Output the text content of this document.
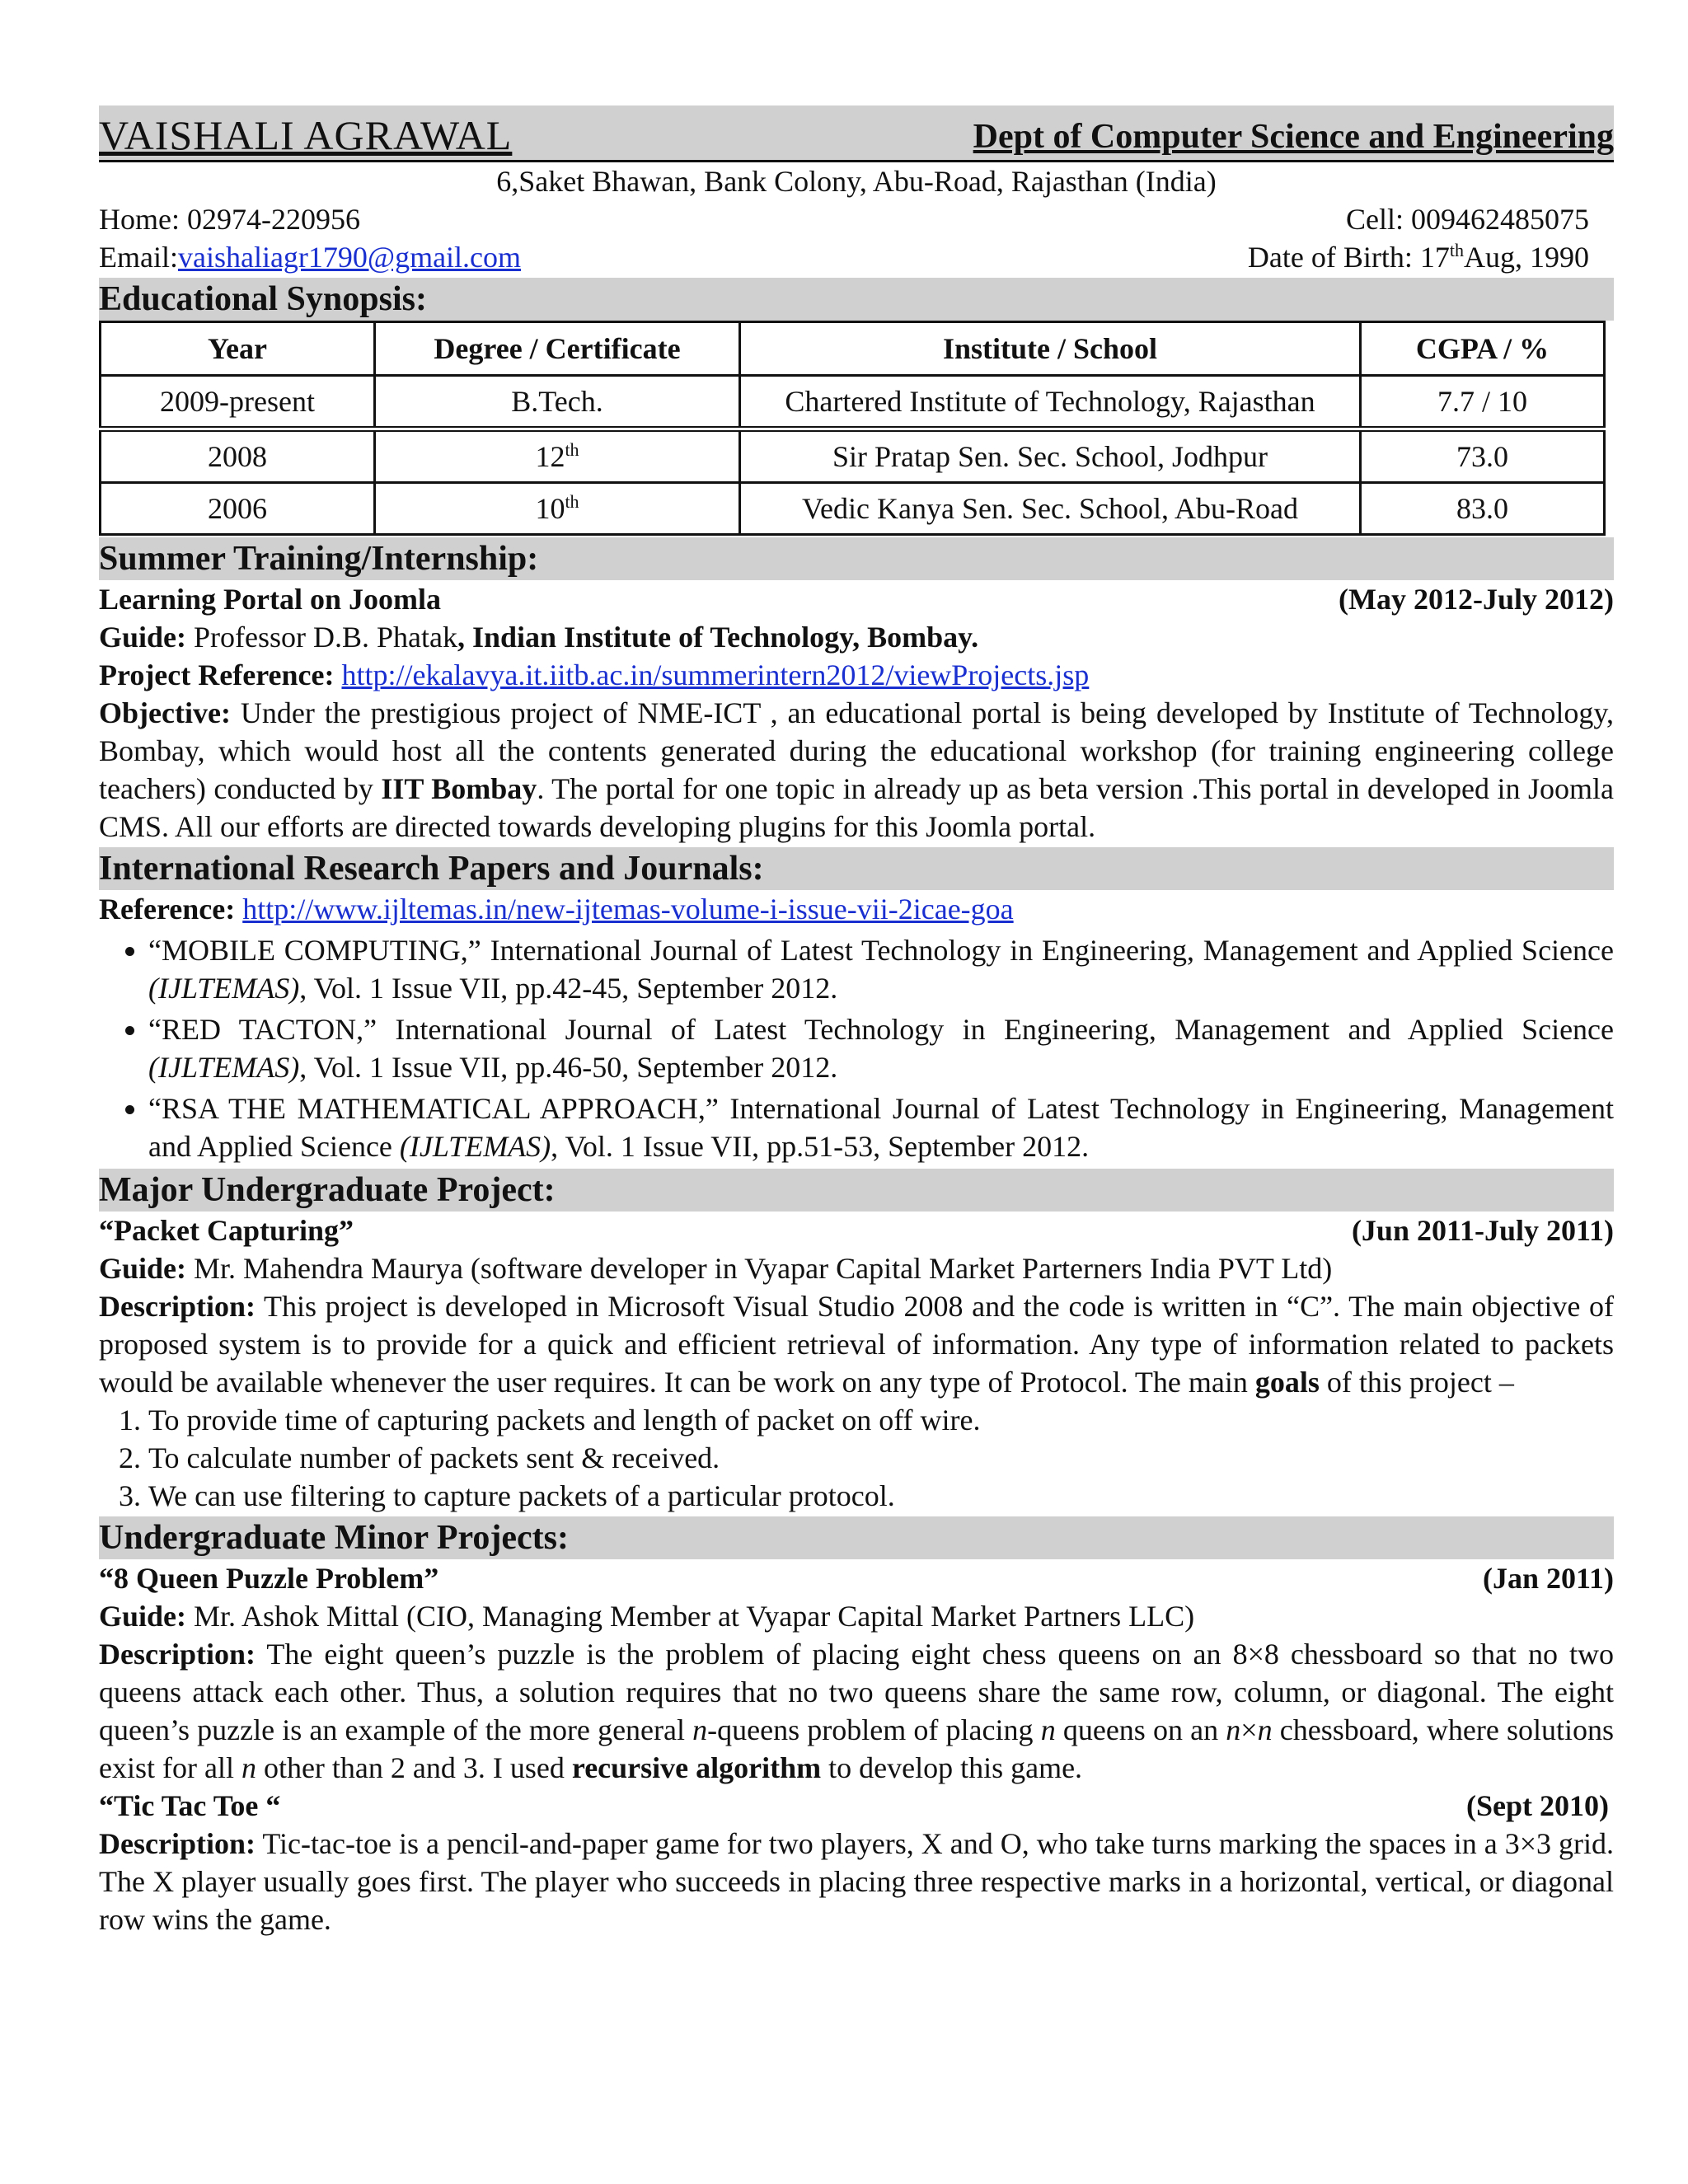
VAISHALI AGRAWAL	Dept of Computer Science and Engineering
6,Saket Bhawan, Bank Colony, Abu-Road, Rajasthan (India)
Home: 02974-220956	Cell: 009462485075
Email:vaishaliagr1790@gmail.com	Date of Birth: 17thAug, 1990
Educational Synopsis:
Year	Degree / Certificate	Institute / School	CGPA / %
2009-present	B.Tech.	Chartered Institute of Technology, Rajasthan	7.7 / 10
2008	12th	Sir Pratap Sen. Sec. School, Jodhpur	73.0
2006	10th	Vedic Kanya Sen. Sec. School, Abu-Road	83.0
Summer Training/Internship:
Learning Portal on Joomla	(May 2012-July 2012)
Guide: Professor D.B. Phatak, Indian Institute of Technology, Bombay.
Project Reference: http://ekalavya.it.iitb.ac.in/summerintern2012/viewProjects.jsp
Objective: Under the prestigious project of NME-ICT , an educational portal is being developed by Institute of Technology, Bombay, which would host all the contents generated during the educational workshop (for training engineering college teachers) conducted by IIT Bombay. The portal for one topic in already up as beta version .This portal in developed in Joomla CMS. All our efforts are directed towards developing plugins for this Joomla portal.
International Research Papers and Journals:
Reference: http://www.ijltemas.in/new-ijtemas-volume-i-issue-vii-2icae-goa
• “MOBILE COMPUTING,” International Journal of Latest Technology in Engineering, Management and Applied Science (IJLTEMAS), Vol. 1 Issue VII, pp.42-45, September 2012.
• “RED TACTON,” International Journal of Latest Technology in Engineering, Management and Applied Science (IJLTEMAS), Vol. 1 Issue VII, pp.46-50, September 2012.
• “RSA THE MATHEMATICAL APPROACH,” International Journal of Latest Technology in Engineering, Management and Applied Science (IJLTEMAS), Vol. 1 Issue VII, pp.51-53, September 2012.
Major Undergraduate Project:
“Packet Capturing”	(Jun 2011-July 2011)
Guide: Mr. Mahendra Maurya (software developer in Vyapar Capital Market Parterners India PVT Ltd)
Description: This project is developed in Microsoft Visual Studio 2008 and the code is written in “C”. The main objective of proposed system is to provide for a quick and efficient retrieval of information. Any type of information related to packets would be available whenever the user requires. It can be work on any type of Protocol. The main goals of this project –
1. To provide time of capturing packets and length of packet on off wire.
2. To calculate number of packets sent & received.
3. We can use filtering to capture packets of a particular protocol.
Undergraduate Minor Projects:
“8 Queen Puzzle Problem”	(Jan 2011)
Guide: Mr. Ashok Mittal (CIO, Managing Member at Vyapar Capital Market Partners LLC)
Description: The eight queen’s puzzle is the problem of placing eight chess queens on an 8×8 chessboard so that no two queens attack each other. Thus, a solution requires that no two queens share the same row, column, or diagonal. The eight queen’s puzzle is an example of the more general n-queens problem of placing n queens on an n×n chessboard, where solutions exist for all n other than 2 and 3. I used recursive algorithm to develop this game.
“Tic Tac Toe “	(Sept 2010)
Description: Tic-tac-toe is a pencil-and-paper game for two players, X and O, who take turns marking the spaces in a 3×3 grid. The X player usually goes first. The player who succeeds in placing three respective marks in a horizontal, vertical, or diagonal row wins the game.
